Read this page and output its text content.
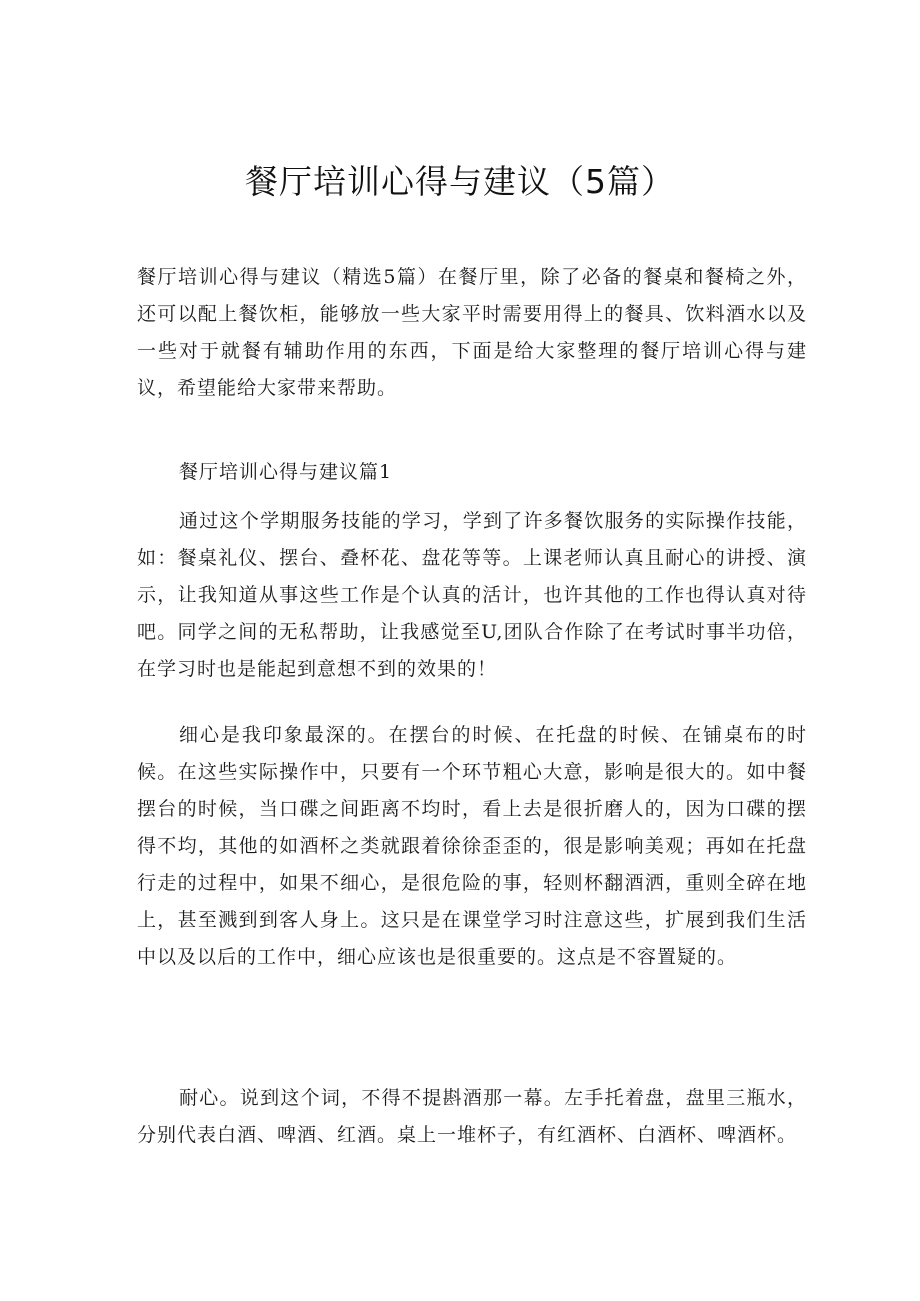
餐厅培训心得与建议（5篇）

餐厅培训心得与建议（精选5篇）在餐厅里，除了必备的餐桌和餐椅之外，还可以配上餐饮柜，能够放一些大家平时需要用得上的餐具、饮料酒水以及一些对于就餐有辅助作用的东西，下面是给大家整理的餐厅培训心得与建议，希望能给大家带来帮助。

餐厅培训心得与建议篇1

通过这个学期服务技能的学习，学到了许多餐饮服务的实际操作技能，如：餐桌礼仪、摆台、叠杯花、盘花等等。上课老师认真且耐心的讲授、演示，让我知道从事这些工作是个认真的活计，也许其他的工作也得认真对待吧。同学之间的无私帮助，让我感觉至U,团队合作除了在考试时事半功倍，在学习时也是能起到意想不到的效果的！

细心是我印象最深的。在摆台的时候、在托盘的时候、在铺桌布的时候。在这些实际操作中，只要有一个环节粗心大意，影响是很大的。如中餐摆台的时候，当口碟之间距离不均时，看上去是很折磨人的，因为口碟的摆得不均，其他的如酒杯之类就跟着徐徐歪歪的，很是影响美观；再如在托盘行走的过程中，如果不细心，是很危险的事，轻则杯翻酒洒，重则全碎在地上，甚至溅到到客人身上。这只是在课堂学习时注意这些，扩展到我们生活中以及以后的工作中，细心应该也是很重要的。这点是不容置疑的。

耐心。说到这个词，不得不提斟酒那一幕。左手托着盘，盘里三瓶水，分别代表白酒、啤酒、红酒。桌上一堆杯子，有红酒杯、白酒杯、啤酒杯。
